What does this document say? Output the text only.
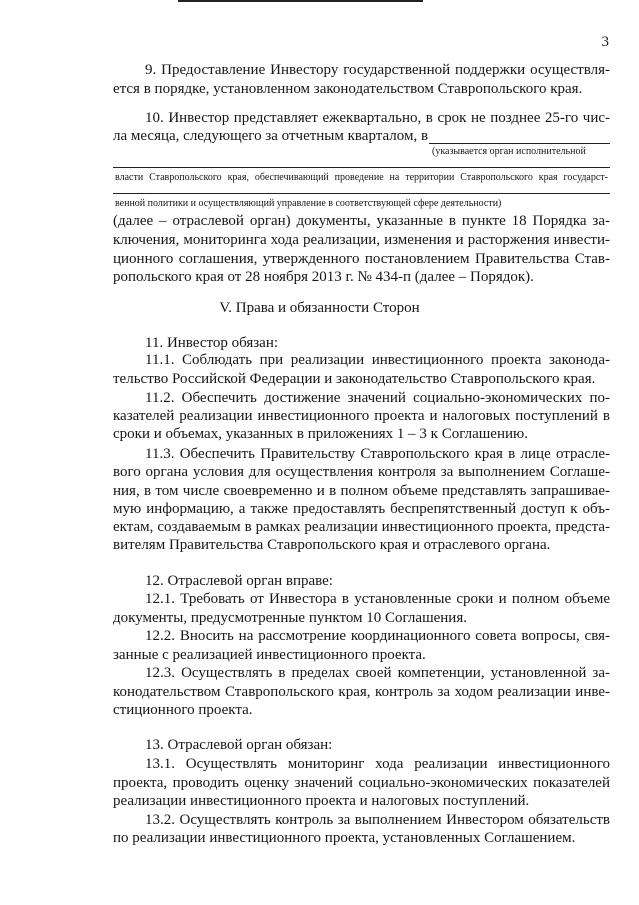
3
9. Предоставление Инвестору государственной поддержки осуществля-
ется в порядке, установленном законодательством Ставропольского края.
10. Инвестор представляет ежеквартально, в срок не позднее 25-го чис-
ла месяца, следующего за отчетным кварталом, в
(указывается орган исполнительной
власти Ставропольского края, обеспечивающий проведение на территории Ставропольского края государст-
венной политики и осуществляющий управление в соответствующей сфере деятельности)
(далее – отраслевой орган) документы, указанные в пункте 18 Порядка за-
ключения, мониторинга хода реализации, изменения и расторжения инвести-
ционного соглашения, утвержденного постановлением Правительства Став-
ропольского края от 28 ноября 2013 г. № 434-п (далее – Порядок).
V. Права и обязанности Сторон
11. Инвестор обязан:
11.1. Соблюдать при реализации инвестиционного проекта законода-
тельство Российской Федерации и законодательство Ставропольского края.
11.2. Обеспечить достижение значений социально-экономических по-
казателей реализации инвестиционного проекта и налоговых поступлений в
сроки и объемах, указанных в приложениях 1 – 3 к Соглашению.
11.3. Обеспечить Правительству Ставропольского края в лице отрасле-
вого органа условия для осуществления контроля за выполнением Соглаше-
ния, в том числе своевременно и в полном объеме представлять запрашивае-
мую информацию, а также предоставлять беспрепятственный доступ к объ-
ектам, создаваемым в рамках реализации инвестиционного проекта, предста-
вителям Правительства Ставропольского края и отраслевого органа.
12. Отраслевой орган вправе:
12.1. Требовать от Инвестора в установленные сроки и полном объеме
документы, предусмотренные пунктом 10 Соглашения.
12.2. Вносить на рассмотрение координационного совета вопросы, свя-
занные с реализацией инвестиционного проекта.
12.3. Осуществлять в пределах своей компетенции, установленной за-
конодательством Ставропольского края, контроль за ходом реализации инве-
стиционного проекта.
13. Отраслевой орган обязан:
13.1. Осуществлять мониторинг хода реализации инвестиционного
проекта, проводить оценку значений социально-экономических показателей
реализации инвестиционного проекта и налоговых поступлений.
13.2. Осуществлять контроль за выполнением Инвестором обязательств
по реализации инвестиционного проекта, установленных Соглашением.
